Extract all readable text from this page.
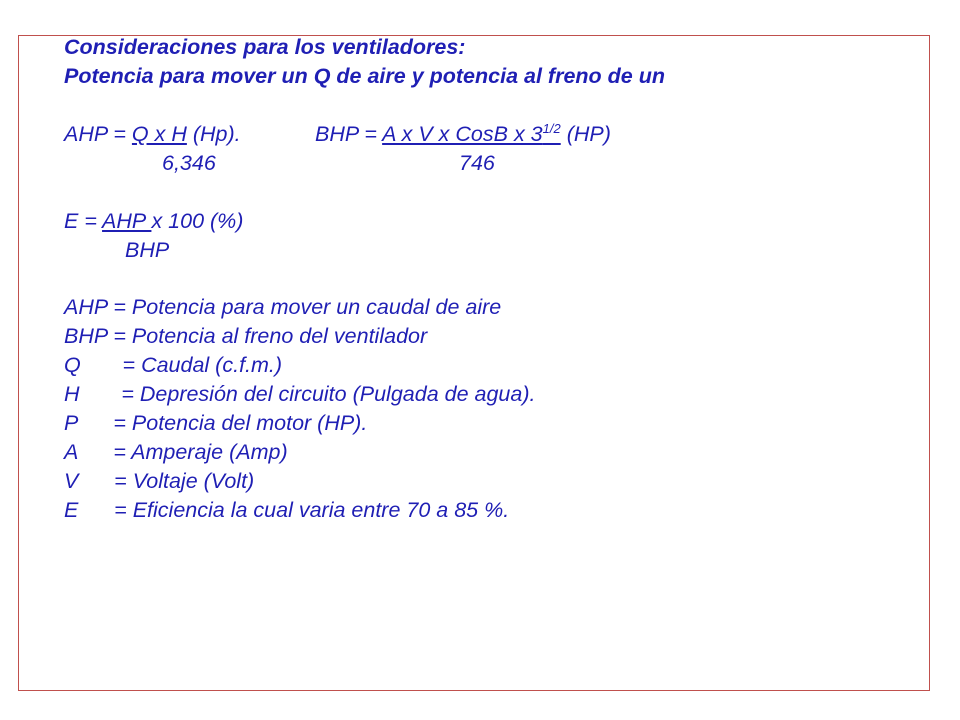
Consideraciones para los ventiladores:
Potencia para mover un Q de aire y potencia al freno de un
AHP = Q x H (Hp).	BHP = A x V x CosB x $3^{1/2}$ (HP)
6,346	746
E = AHP x 100 (%)
BHP
AHP = Potencia para mover un caudal de aire
BHP = Potencia al freno del ventilador
Q       = Caudal (c.f.m.)
H       = Depresión del circuito (Pulgada de agua).
P      = Potencia del motor (HP).
A      = Amperaje (Amp)
V      = Voltaje (Volt)
E      = Eficiencia la cual varia entre 70 a 85 %.
